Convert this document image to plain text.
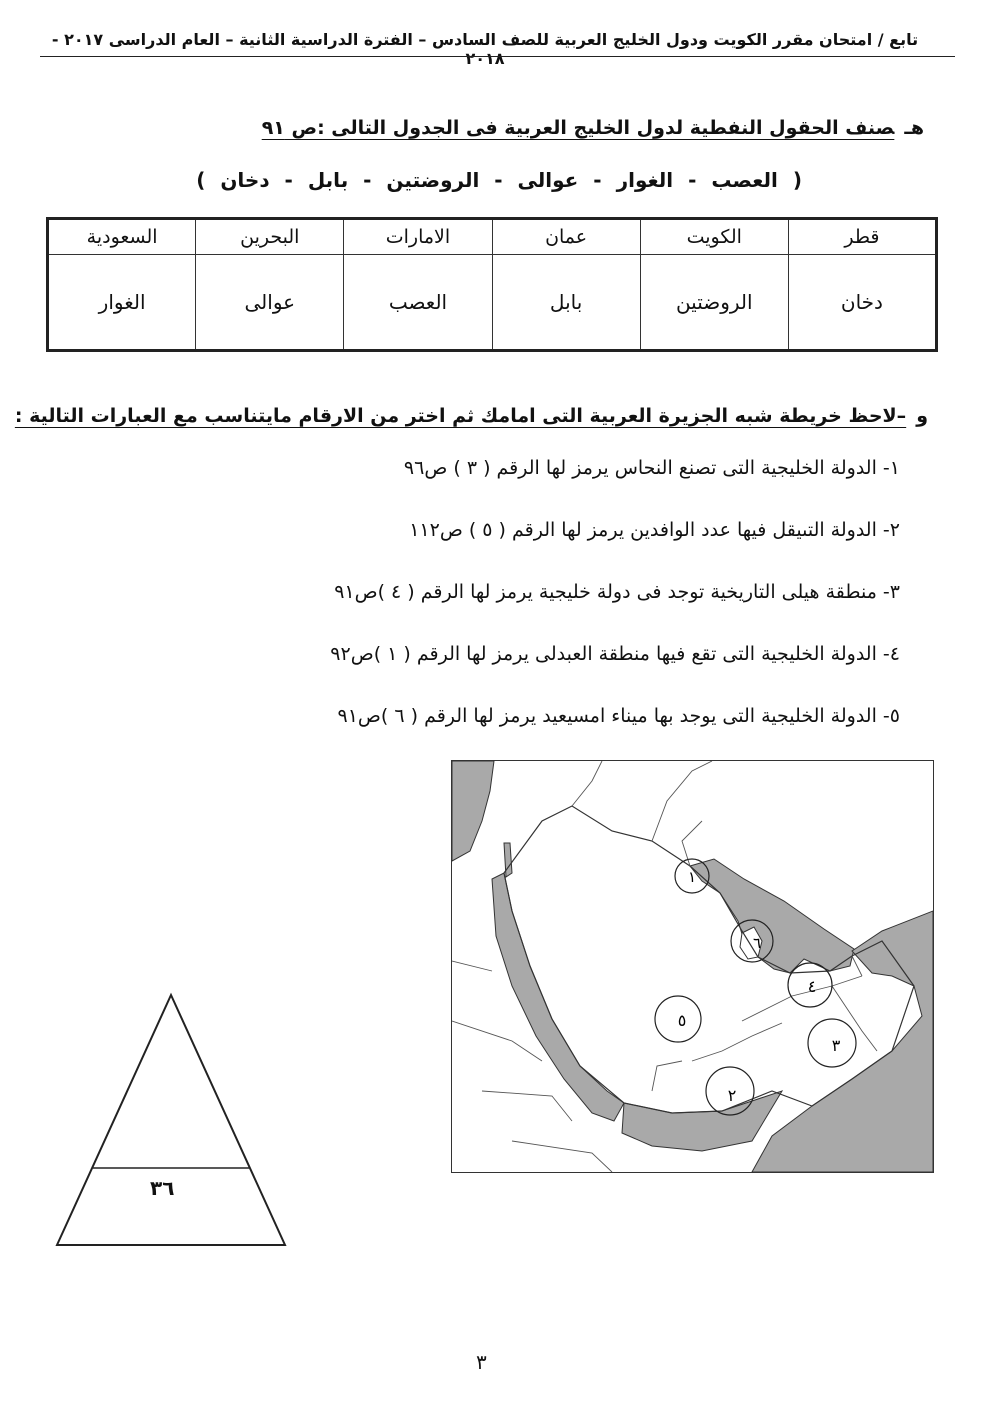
تابع / امتحان مقرر الكويت ودول الخليج العربية للصف السادس – الفترة الدراسية الثانية – العام الدراسى ٢٠١٧ - ٢٠١٨
هـصنف الحقول النفطية لدول الخليج العربية فى الجدول التالى :ص ٩١
( العصب - الغوار - عوالى - الروضتين - بابل - دخان )
قطر	الكويت	عمان	الامارات	البحرين	السعودية
دخان	الروضتين	بابل	العصب	عوالى	الغوار
و–لاحظ خريطة شبه الجزيرة العربية التى امامك ثم اختر من الارقام مايتناسب مع العبارات التالية :
١- الدولة الخليجية التى تصنع النحاس يرمز لها الرقم ( ٣ ) ص٩٦
٢- الدولة التىيقل فيها عدد الوافدين يرمز لها الرقم ( ٥ ) ص١١٢
٣- منطقة هيلى التاريخية توجد فى دولة خليجية يرمز لها الرقم ( ٤ )ص٩١
٤- الدولة الخليجية التى تقع فيها منطقة العبدلى يرمز لها الرقم ( ١ )ص٩٢
٥- الدولة الخليجية التى يوجد بها ميناء امسيعيد يرمز لها الرقم ( ٦ )ص٩١
١
٦
٤
٥
٣
٢
٣٦
٣
